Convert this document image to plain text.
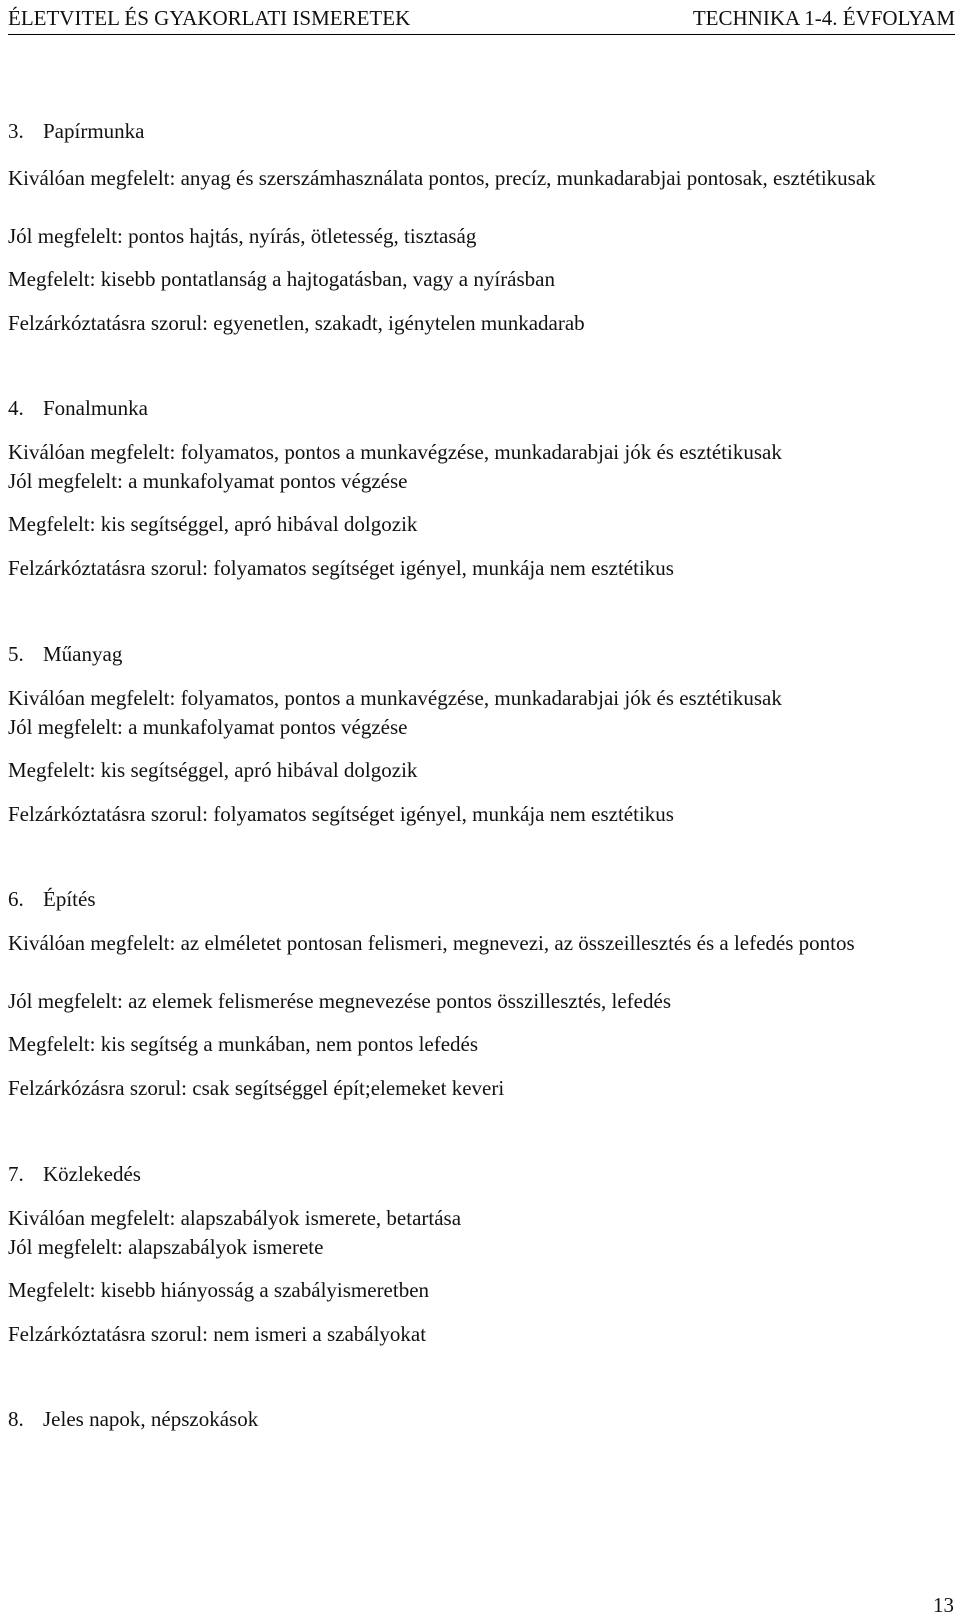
ÉLETVITEL ÉS GYAKORLATI ISMERETEK	TECHNIKA 1-4. ÉVFOLYAM
3. Papírmunka
Kiválóan megfelelt: anyag és szerszámhasználata pontos, precíz, munkadarabjai pontosak, esztétikusak
Jól megfelelt: pontos hajtás, nyírás, ötletesség, tisztaság
Megfelelt: kisebb pontatlanság a hajtogatásban, vagy a nyírásban
Felzárkóztatásra szorul: egyenetlen, szakadt, igénytelen munkadarab
4. Fonalmunka
Kiválóan megfelelt: folyamatos, pontos a munkavégzése, munkadarabjai jók és esztétikusak
Jól megfelelt: a munkafolyamat pontos végzése
Megfelelt: kis segítséggel, apró hibával dolgozik
Felzárkóztatásra szorul: folyamatos segítséget igényel, munkája nem esztétikus
5. Műanyag
Kiválóan megfelelt: folyamatos, pontos a munkavégzése, munkadarabjai jók és esztétikusak
Jól megfelelt: a munkafolyamat pontos végzése
Megfelelt: kis segítséggel, apró hibával dolgozik
Felzárkóztatásra szorul: folyamatos segítséget igényel, munkája nem esztétikus
6. Építés
Kiválóan megfelelt: az elméletet pontosan felismeri, megnevezi, az összeillesztés és a lefedés pontos
Jól megfelelt: az elemek felismerése megnevezése pontos összillesztés, lefedés
Megfelelt: kis segítség a munkában, nem pontos lefedés
Felzárkózásra szorul: csak segítséggel épít;elemeket keveri
7. Közlekedés
Kiválóan megfelelt: alapszabályok ismerete, betartása
Jól megfelelt: alapszabályok ismerete
Megfelelt: kisebb hiányosság a szabályismeretben
Felzárkóztatásra szorul: nem ismeri a szabályokat
8. Jeles napok, népszokások
13
